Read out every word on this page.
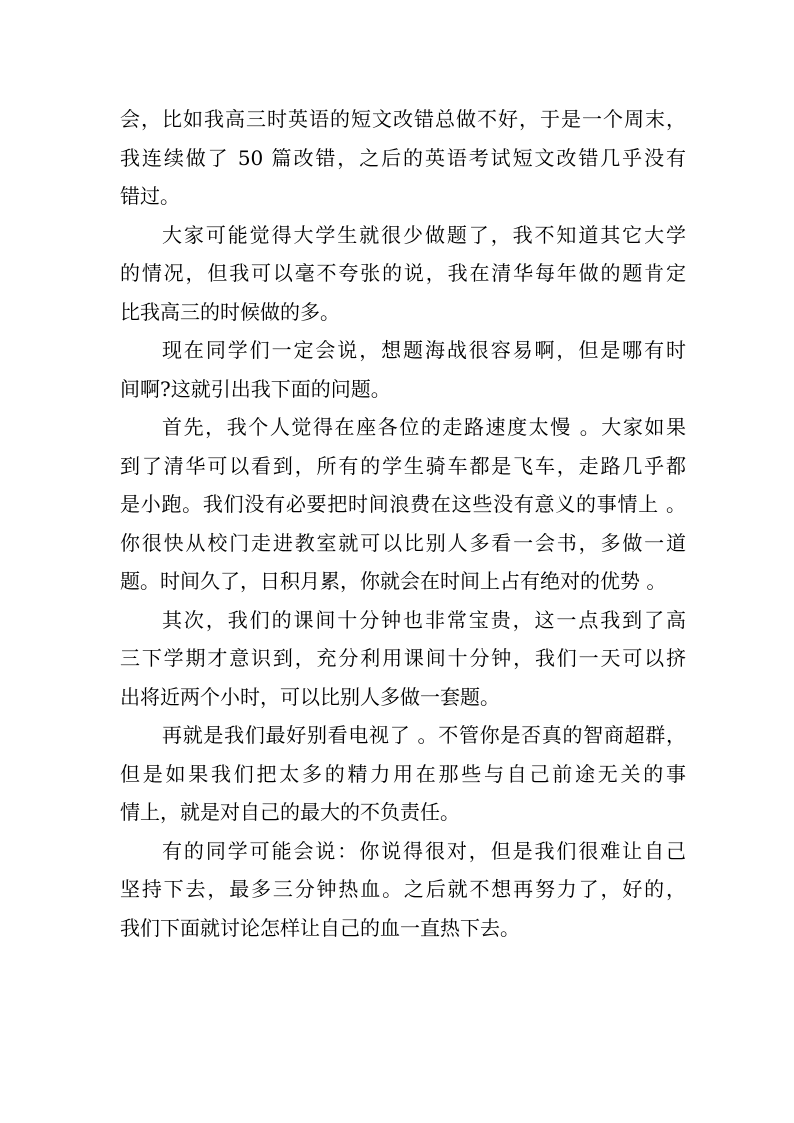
会，比如我高三时英语的短文改错总做不好，于是一个周末，
我连续做了 50 篇改错，之后的英语考试短文改错几乎没有
错过。
大家可能觉得大学生就很少做题了，我不知道其它大学
的情况，但我可以毫不夸张的说，我在清华每年做的题肯定
比我高三的时候做的多。
现在同学们一定会说，想题海战很容易啊，但是哪有时
间啊?这就引出我下面的问题。
首先，我个人觉得在座各位的走路速度太慢 。大家如果
到了清华可以看到，所有的学生骑车都是飞车，走路几乎都
是小跑。我们没有必要把时间浪费在这些没有意义的事情上 。
你很快从校门走进教室就可以比别人多看一会书，多做一道
题。时间久了，日积月累，你就会在时间上占有绝对的优势 。
其次，我们的课间十分钟也非常宝贵，这一点我到了高
三下学期才意识到，充分利用课间十分钟，我们一天可以挤
出将近两个小时，可以比别人多做一套题。
再就是我们最好别看电视了 。不管你是否真的智商超群，
但是如果我们把太多的精力用在那些与自己前途无关的事
情上，就是对自己的最大的不负责任。
有的同学可能会说：你说得很对，但是我们很难让自己
坚持下去，最多三分钟热血。之后就不想再努力了，好的，
我们下面就讨论怎样让自己的血一直热下去。
